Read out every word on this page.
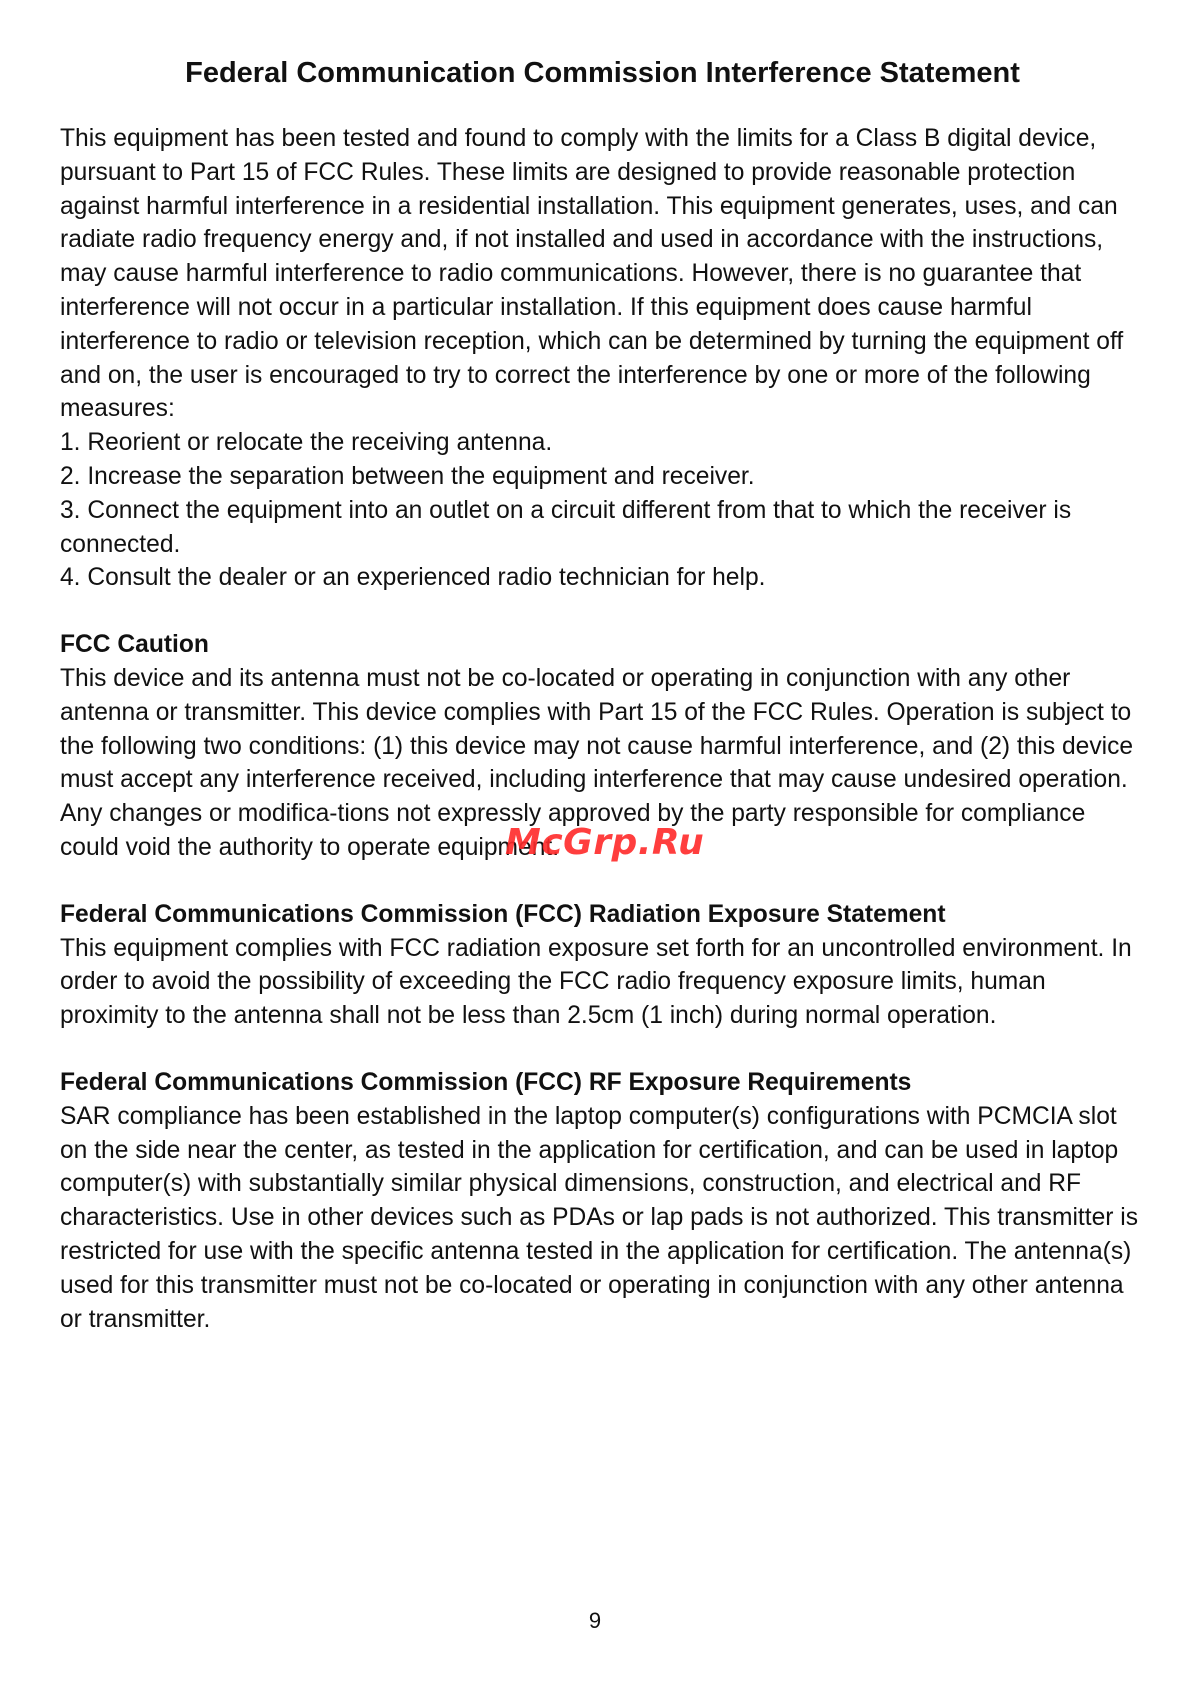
Federal Communication Commission Interference Statement

This equipment has been tested and found to comply with the limits for a Class B digital device, pursuant to Part 15 of FCC Rules. These limits are designed to provide reasonable protection against harmful interference in a residential installation. This equipment generates, uses, and can radiate radio frequency energy and, if not installed and used in accordance with the instructions, may cause harmful interference to radio communications. However, there is no guarantee that interference will not occur in a particular installation. If this equipment does cause harmful interference to radio or television reception, which can be determined by turning the equipment off and on, the user is encouraged to try to correct the interference by one or more of the following measures:

1. Reorient or relocate the receiving antenna.
2. Increase the separation between the equipment and receiver.
3. Connect the equipment into an outlet on a circuit different from that to which the receiver is connected.
4. Consult the dealer or an experienced radio technician for help.
FCC Caution

This device and its antenna must not be co-located or operating in conjunction with any other antenna or transmitter. This device complies with Part 15 of the FCC Rules. Operation is subject to the following two conditions: (1) this device may not cause harmful interference, and (2) this device must accept any interference received, including interference that may cause undesired operation. Any changes or modifica-tions not expressly approved by the party responsible for compliance could void the authority to operate equipment.

Federal Communications Commission (FCC) Radiation Exposure Statement

This equipment complies with FCC radiation exposure set forth for an uncontrolled environment. In order to avoid the possibility of exceeding the FCC radio frequency exposure limits, human proximity to the antenna shall not be less than 2.5cm (1 inch) during normal operation.

Federal Communications Commission (FCC) RF Exposure Requirements

SAR compliance has been established in the laptop computer(s) configurations with PCMCIA slot on the side near the center, as tested in the application for certification, and can be used in laptop computer(s) with substantially similar physical dimensions, construction, and electrical and RF characteristics. Use in other devices such as PDAs or lap pads is not authorized. This transmitter is restricted for use with the specific antenna tested in the application for certification. The antenna(s) used for this transmitter must not be co-located or operating in conjunction with any other antenna or transmitter.

McGrp.Ru
9
